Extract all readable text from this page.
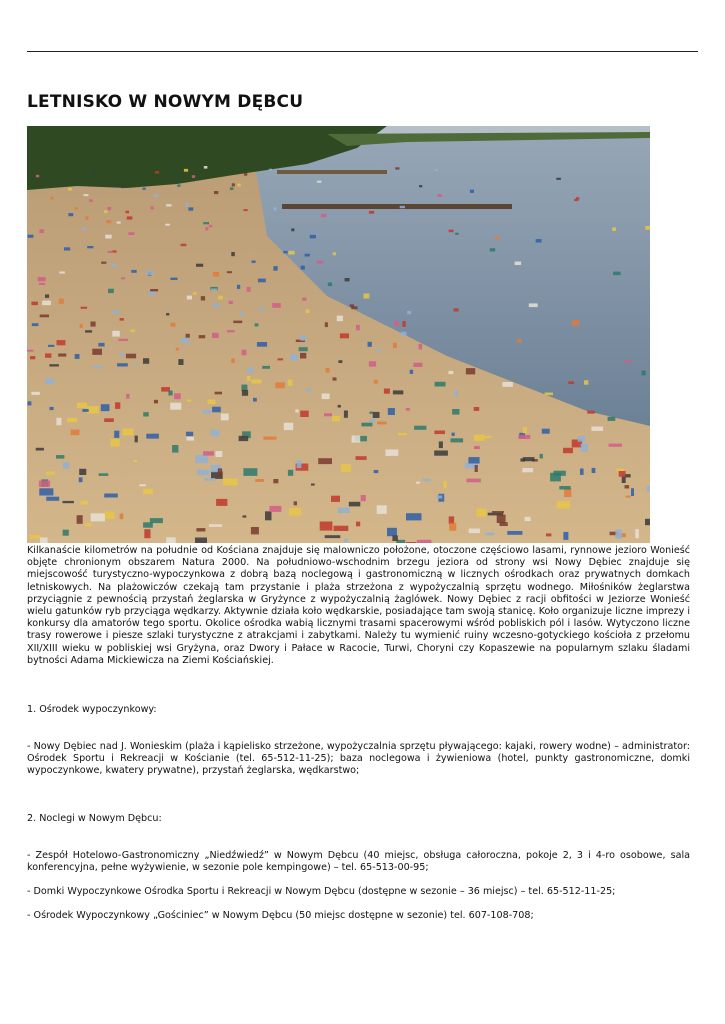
LETNISKO W NOWYM DĘBCU

Kilkanaście kilometrów na południe od Kościana znajduje się malowniczo położone, otoczone częściowo lasami, rynnowe jezioro Wonieść objęte chronionym obszarem Natura 2000. Na południowo-wschodnim brzegu jeziora od strony wsi Nowy Dębiec znajduje się miejscowość turystyczno-wypoczynkowa z dobrą bazą noclegową i gastronomiczną w licznych ośrodkach oraz prywatnych domkach letniskowych. Na plażowiczów czekają tam przystanie i plaża strzeżona z wypożyczalnią sprzętu wodnego. Miłośników żeglarstwa przyciągnie z pewnością przystań żeglarska w Gryżynce z wypożyczalnią żaglówek. Nowy Dębiec z racji obfitości w Jeziorze Wonieść wielu gatunków ryb przyciąga wędkarzy. Aktywnie działa koło wędkarskie, posiadające tam swoją stanicę. Koło organizuje liczne imprezy i konkursy dla amatorów tego sportu. Okolice ośrodka wabią licznymi trasami spacerowymi wśród pobliskich pól i lasów. Wytyczono liczne trasy rowerowe i piesze szlaki turystyczne z atrakcjami i zabytkami. Należy tu wymienić ruiny wczesno-gotyckiego kościoła z przełomu XII/XIII wieku w pobliskiej wsi Gryżyna, oraz Dwory i Pałace w Racocie, Turwi, Choryni czy Kopaszewie na popularnym szlaku śladami bytności Adama Mickiewicza na Ziemi Kościańskiej.

1. Ośrodek wypoczynkowy:

- Nowy Dębiec nad J. Wonieskim (plaża i kąpielisko strzeżone, wypożyczalnia sprzętu pływającego: kajaki, rowery wodne) – administrator: Ośrodek Sportu i Rekreacji w Kościanie (tel. 65-512-11-25); baza noclegowa i żywieniowa (hotel, punkty gastronomiczne, domki wypoczynkowe, kwatery prywatne), przystań żeglarska, wędkarstwo;

2. Noclegi w Nowym Dębcu:

- Zespół Hotelowo-Gastronomiczny „Niedźwiedź” w Nowym Dębcu (40 miejsc, obsługa całoroczna, pokoje 2, 3 i 4-ro osobowe, sala konferencyjna, pełne wyżywienie, w sezonie pole kempingowe) – tel. 65-513-00-95;

- Domki Wypoczynkowe Ośrodka Sportu i Rekreacji w Nowym Dębcu (dostępne w sezonie – 36 miejsc) – tel. 65-512-11-25;

- Ośrodek Wypoczynkowy „Gościniec” w Nowym Dębcu (50 miejsc dostępne w sezonie) tel. 607-108-708;
